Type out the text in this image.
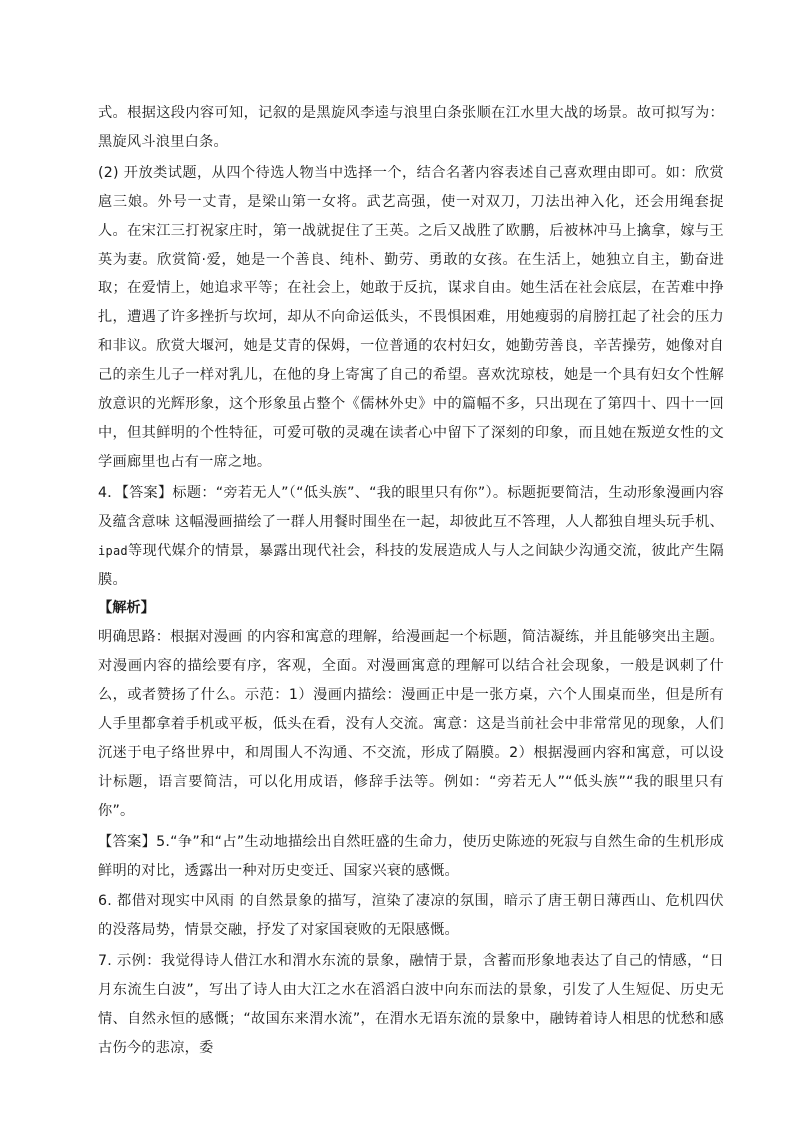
式。根据这段内容可知，记叙的是黑旋风李逵与浪里白条张顺在江水里大战的场景。故可拟写为：黑旋风斗浪里白条。

(2) 开放类试题，从四个待选人物当中选择一个，结合名著内容表述自己喜欢理由即可。如：欣赏扈三娘。外号一丈青，是梁山第一女将。武艺高强，使一对双刀，刀法出神入化，还会用绳套捉人。在宋江三打祝家庄时，第一战就捉住了王英。之后又战胜了欧鹏，后被林冲马上擒拿，嫁与王英为妻。欣赏简·爱，她是一个善良、纯朴、勤劳、勇敢的女孩。在生活上，她独立自主，勤奋进取；在爱情上，她追求平等；在社会上，她敢于反抗，谋求自由。她生活在社会底层，在苦难中挣扎，遭遇了许多挫折与坎坷，却从不向命运低头，不畏惧困难，用她瘦弱的肩膀扛起了社会的压力和非议。欣赏大堰河，她是艾青的保姆，一位普通的农村妇女，她勤劳善良，辛苦操劳，她像对自己的亲生儿子一样对乳儿，在他的身上寄寓了自己的希望。喜欢沈琼枝，她是一个具有妇女个性解放意识的光辉形象，这个形象虽占整个《儒林外史》中的篇幅不多，只出现在了第四十、四十一回中，但其鲜明的个性特征，可爱可敬的灵魂在读者心中留下了深刻的印象，而且她在叛逆女性的文学画廊里也占有一席之地。

4．【答案】标题：“旁若无人”（“低头族”、“我的眼里只有你”）。标题扼要简洁，生动形象漫画内容及蕴含意味 这幅漫画描绘了一群人用餐时围坐在一起，却彼此互不答理，人人都独自埋头玩手机、ipad等现代媒介的情景，暴露出现代社会，科技的发展造成人与人之间缺少沟通交流，彼此产生隔膜。

【解析】

明确思路：根据对漫画 的内容和寓意的理解，给漫画起一个标题，简洁凝练，并且能够突出主题。对漫画内容的描绘要有序，客观，全面。对漫画寓意的理解可以结合社会现象，一般是讽刺了什么，或者赞扬了什么。示范：1）漫画内描绘：漫画正中是一张方桌，六个人围桌而坐，但是所有人手里都拿着手机或平板，低头在看，没有人交流。寓意：这是当前社会中非常常见的现象，人们沉迷于电子络世界中，和周围人不沟通、不交流，形成了隔膜。2）根据漫画内容和寓意，可以设计标题，语言要简洁，可以化用成语，修辞手法等。例如：“旁若无人”“低头族”“我的眼里只有你”。

【答案】5.“争”和“占”生动地描绘出自然旺盛的生命力，使历史陈迹的死寂与自然生命的生机形成鲜明的对比，透露出一种对历史变迁、国家兴衰的感慨。

6. 都借对现实中风雨 的自然景象的描写，渲染了凄凉的氛围，暗示了唐王朝日薄西山、危机四伏的没落局势，情景交融，抒发了对家国衰败的无限感慨。

7. 示例：我觉得诗人借江水和渭水东流的景象，融情于景，含蓄而形象地表达了自己的情感，“日月东流生白波”，写出了诗人由大江之水在滔滔白波中向东而法的景象，引发了人生短促、历史无情、自然永恒的感慨；“故国东来渭水流”，在渭水无语东流的景象中，融铸着诗人相思的忧愁和感古伤今的悲凉，委
